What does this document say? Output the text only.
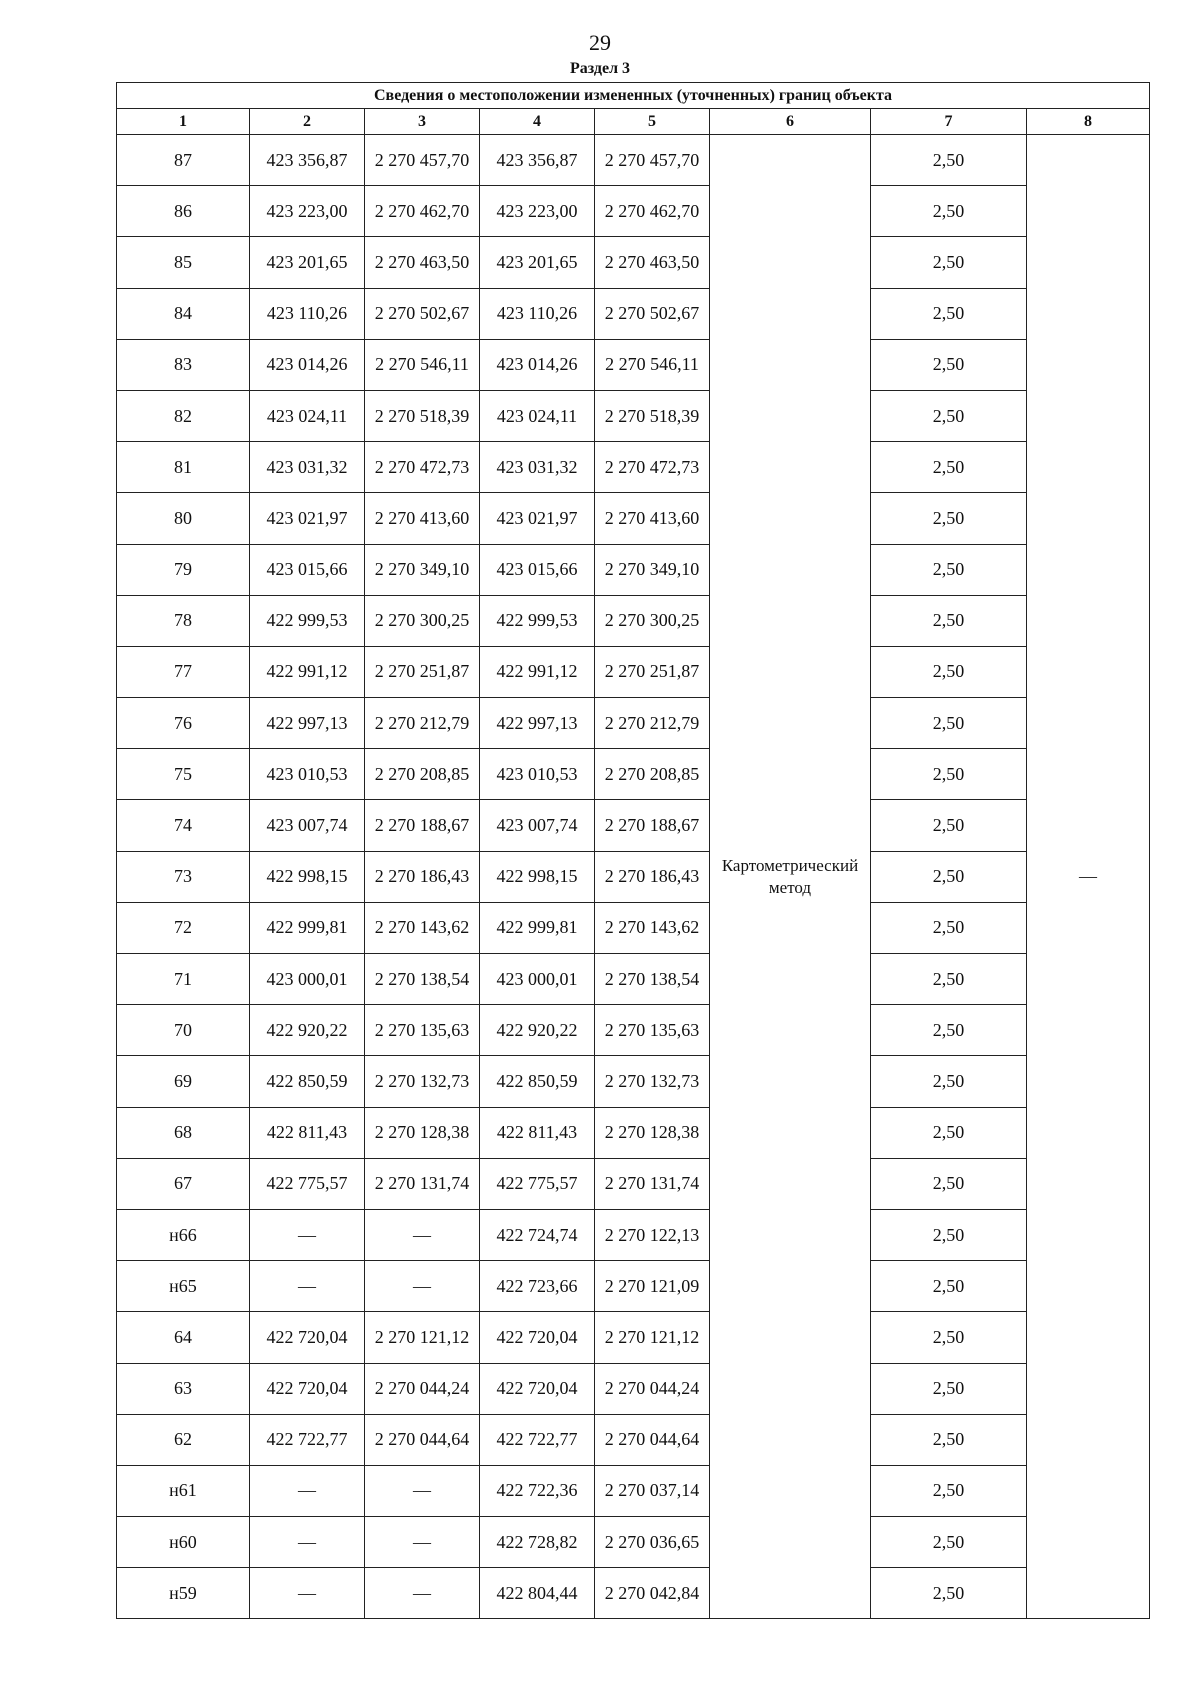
29
Раздел 3
Сведения о местоположении измененных (уточненных) границ объекта							
1	2	3	4	5	6	7	8
87	423 356,87	2 270 457,70	423 356,87	2 270 457,70	Картометрический метод	2,50	—
86	423 223,00	2 270 462,70	423 223,00	2 270 462,70		2,50	
85	423 201,65	2 270 463,50	423 201,65	2 270 463,50		2,50	
84	423 110,26	2 270 502,67	423 110,26	2 270 502,67		2,50	
83	423 014,26	2 270 546,11	423 014,26	2 270 546,11		2,50	
82	423 024,11	2 270 518,39	423 024,11	2 270 518,39		2,50	
81	423 031,32	2 270 472,73	423 031,32	2 270 472,73		2,50	
80	423 021,97	2 270 413,60	423 021,97	2 270 413,60		2,50	
79	423 015,66	2 270 349,10	423 015,66	2 270 349,10		2,50	
78	422 999,53	2 270 300,25	422 999,53	2 270 300,25		2,50	
77	422 991,12	2 270 251,87	422 991,12	2 270 251,87		2,50	
76	422 997,13	2 270 212,79	422 997,13	2 270 212,79		2,50	
75	423 010,53	2 270 208,85	423 010,53	2 270 208,85		2,50	
74	423 007,74	2 270 188,67	423 007,74	2 270 188,67		2,50	
73	422 998,15	2 270 186,43	422 998,15	2 270 186,43		2,50	
72	422 999,81	2 270 143,62	422 999,81	2 270 143,62		2,50	
71	423 000,01	2 270 138,54	423 000,01	2 270 138,54		2,50	
70	422 920,22	2 270 135,63	422 920,22	2 270 135,63		2,50	
69	422 850,59	2 270 132,73	422 850,59	2 270 132,73		2,50	
68	422 811,43	2 270 128,38	422 811,43	2 270 128,38		2,50	
67	422 775,57	2 270 131,74	422 775,57	2 270 131,74		2,50	
н66	—	—	422 724,74	2 270 122,13		2,50	
н65	—	—	422 723,66	2 270 121,09		2,50	
64	422 720,04	2 270 121,12	422 720,04	2 270 121,12		2,50	
63	422 720,04	2 270 044,24	422 720,04	2 270 044,24		2,50	
62	422 722,77	2 270 044,64	422 722,77	2 270 044,64		2,50	
н61	—	—	422 722,36	2 270 037,14		2,50	
н60	—	—	422 728,82	2 270 036,65		2,50	
н59	—	—	422 804,44	2 270 042,84		2,50	
